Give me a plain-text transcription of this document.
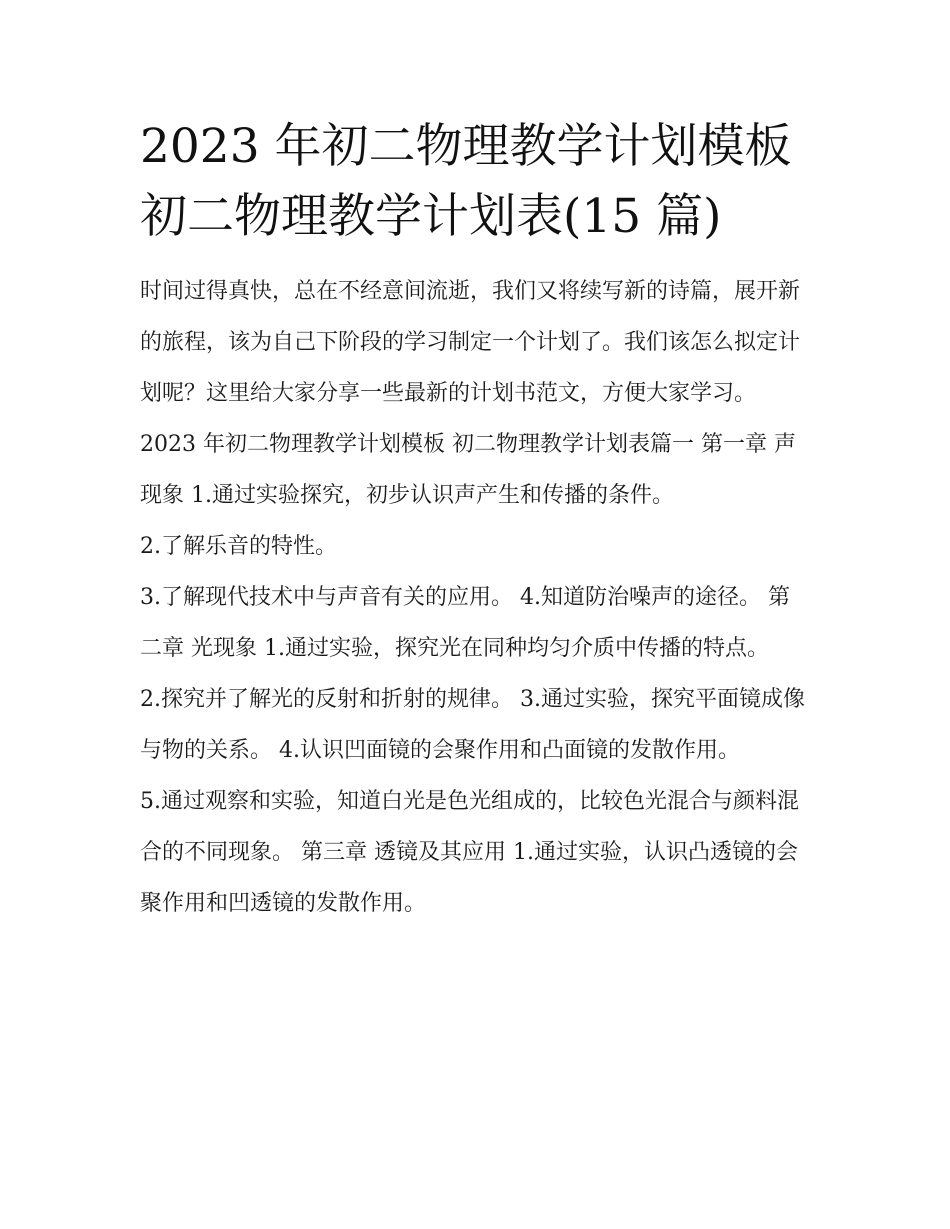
2023 年初二物理教学计划模板
初二物理教学计划表(15 篇)

时间过得真快，总在不经意间流逝，我们又将续写新的诗篇，展开新的旅程，该为自己下阶段的学习制定一个计划了。我们该怎么拟定计划呢？这里给大家分享一些最新的计划书范文，方便大家学习。

2023 年初二物理教学计划模板 初二物理教学计划表篇一 第一章 声现象 1.通过实验探究，初步认识声产生和传播的条件。

2.了解乐音的特性。

3.了解现代技术中与声音有关的应用。 4.知道防治噪声的途径。 第二章 光现象 1.通过实验，探究光在同种均匀介质中传播的特点。

2.探究并了解光的反射和折射的规律。 3.通过实验，探究平面镜成像与物的关系。 4.认识凹面镜的会聚作用和凸面镜的发散作用。

5.通过观察和实验，知道白光是色光组成的，比较色光混合与颜料混合的不同现象。 第三章 透镜及其应用 1.通过实验，认识凸透镜的会聚作用和凹透镜的发散作用。
